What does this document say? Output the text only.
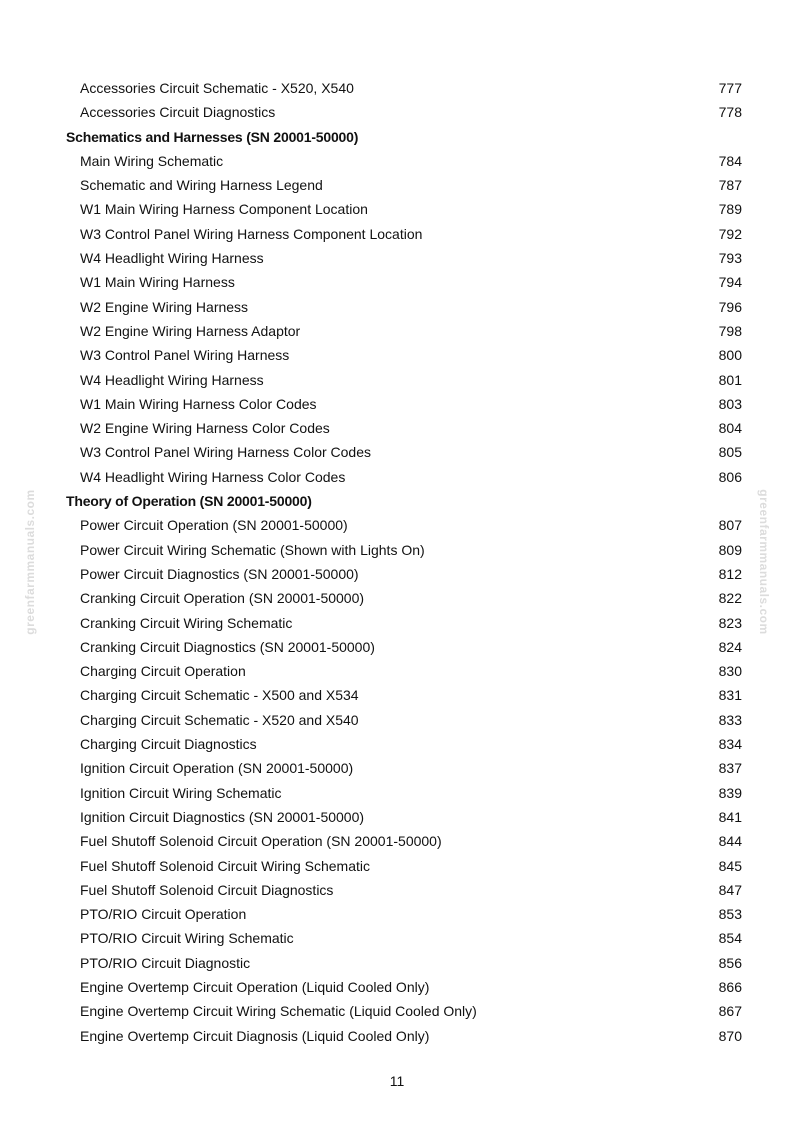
Accessories Circuit Schematic - X520, X540	777
Accessories Circuit Diagnostics	778
Schematics and Harnesses (SN 20001-50000)
Main Wiring Schematic	784
Schematic and Wiring Harness Legend	787
W1 Main Wiring Harness Component Location	789
W3 Control Panel Wiring Harness Component Location	792
W4 Headlight Wiring Harness	793
W1 Main Wiring Harness	794
W2 Engine Wiring Harness	796
W2 Engine Wiring Harness Adaptor	798
W3 Control Panel Wiring Harness	800
W4 Headlight Wiring Harness	801
W1 Main Wiring Harness Color Codes	803
W2 Engine Wiring Harness Color Codes	804
W3 Control Panel Wiring Harness Color Codes	805
W4 Headlight Wiring Harness Color Codes	806
Theory of Operation (SN 20001-50000)
Power Circuit Operation (SN 20001-50000)	807
Power Circuit Wiring Schematic (Shown with Lights On)	809
Power Circuit Diagnostics (SN 20001-50000)	812
Cranking Circuit Operation (SN 20001-50000)	822
Cranking Circuit Wiring Schematic	823
Cranking Circuit Diagnostics (SN 20001-50000)	824
Charging Circuit Operation	830
Charging Circuit Schematic - X500 and X534	831
Charging Circuit Schematic - X520 and X540	833
Charging Circuit Diagnostics	834
Ignition Circuit Operation (SN 20001-50000)	837
Ignition Circuit Wiring Schematic	839
Ignition Circuit Diagnostics (SN 20001-50000)	841
Fuel Shutoff Solenoid Circuit Operation (SN 20001-50000)	844
Fuel Shutoff Solenoid Circuit Wiring Schematic	845
Fuel Shutoff Solenoid Circuit Diagnostics	847
PTO/RIO Circuit Operation	853
PTO/RIO Circuit Wiring Schematic	854
PTO/RIO Circuit Diagnostic	856
Engine Overtemp Circuit Operation (Liquid Cooled Only)	866
Engine Overtemp Circuit Wiring Schematic (Liquid Cooled Only)	867
Engine Overtemp Circuit Diagnosis (Liquid Cooled Only)	870
greenfarmmanuals.com	greenfarmmanuals.com
11
